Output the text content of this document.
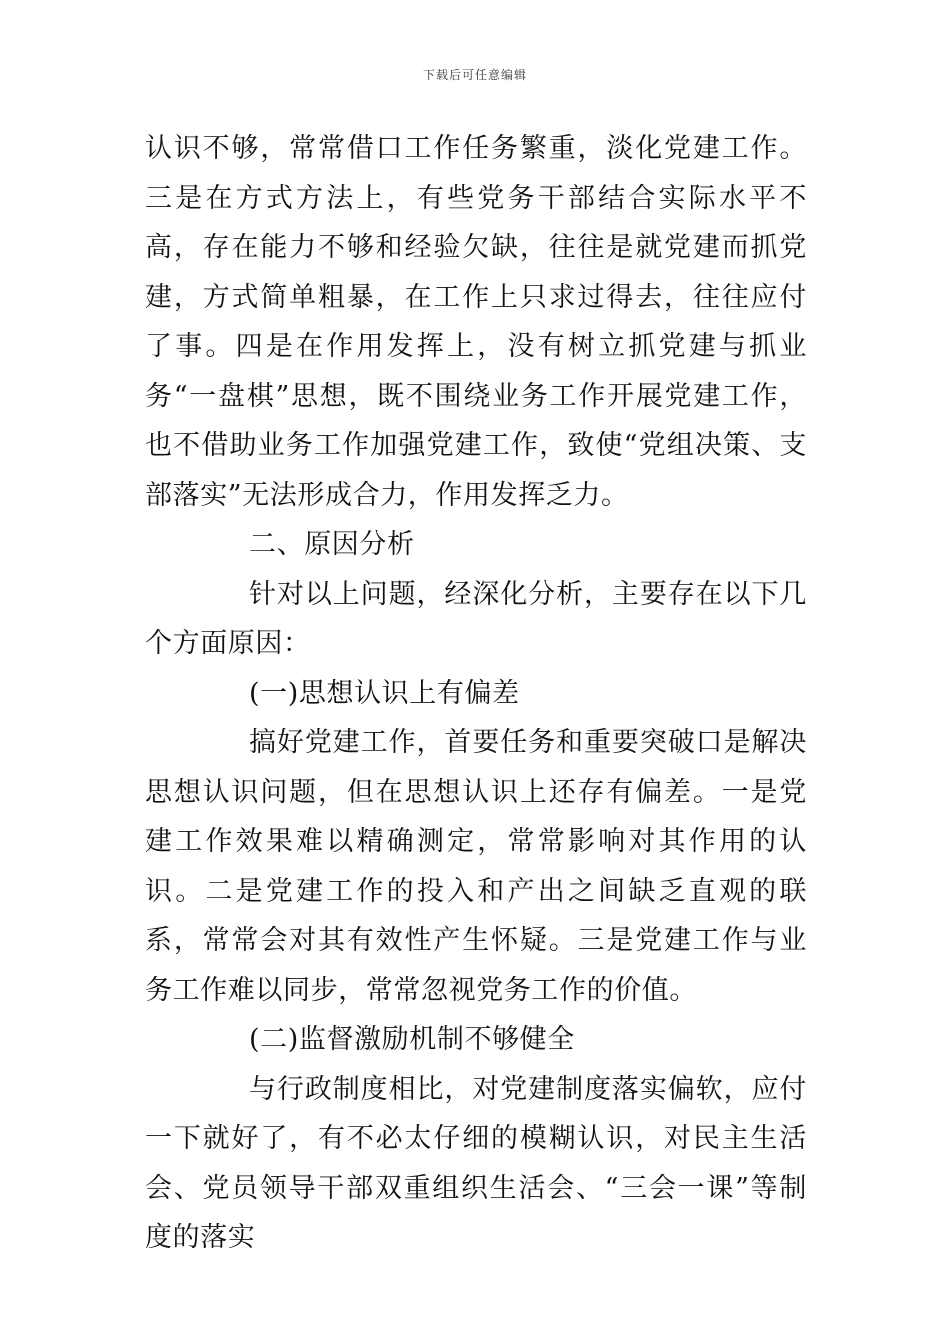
下载后可任意编辑

认识不够，常常借口工作任务繁重，淡化党建工作。三是在方式方法上，有些党务干部结合实际水平不高，存在能力不够和经验欠缺，往往是就党建而抓党建，方式简单粗暴，在工作上只求过得去，往往应付了事。四是在作用发挥上，没有树立抓党建与抓业务“一盘棋”思想，既不围绕业务工作开展党建工作，也不借助业务工作加强党建工作，致使“党组决策、支部落实”无法形成合力，作用发挥乏力。

二、原因分析

针对以上问题，经深化分析，主要存在以下几个方面原因：

(一)思想认识上有偏差

搞好党建工作，首要任务和重要突破口是解决思想认识问题，但在思想认识上还存有偏差。一是党建工作效果难以精确测定，常常影响对其作用的认识。二是党建工作的投入和产出之间缺乏直观的联系，常常会对其有效性产生怀疑。三是党建工作与业务工作难以同步，常常忽视党务工作的价值。

(二)监督激励机制不够健全

与行政制度相比，对党建制度落实偏软，应付一下就好了，有不必太仔细的模糊认识，对民主生活会、党员领导干部双重组织生活会、“三会一课”等制度的落实
